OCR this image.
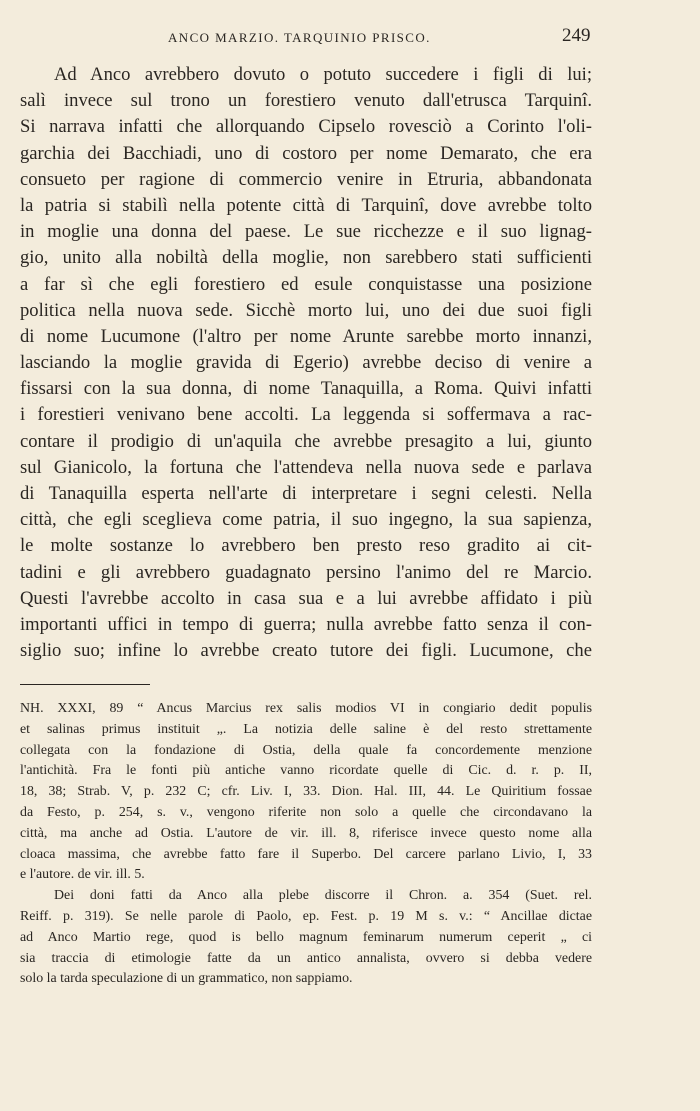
ANCO MARZIO. TARQUINIO PRISCO.	249
Ad Anco avrebbero dovuto o potuto succedere i figli di lui;
salì invece sul trono un forestiero venuto dall'etrusca Tarquinî.
Si narrava infatti che allorquando Cipselo rovesciò a Corinto l'oli-
garchia dei Bacchiadi, uno di costoro per nome Demarato, che era
consueto per ragione di commercio venire in Etruria, abbandonata
la patria si stabilì nella potente città di Tarquinî, dove avrebbe tolto
in moglie una donna del paese. Le sue ricchezze e il suo lignag-
gio, unito alla nobiltà della moglie, non sarebbero stati sufficienti
a far sì che egli forestiero ed esule conquistasse una posizione
politica nella nuova sede. Sicchè morto lui, uno dei due suoi figli
di nome Lucumone (l'altro per nome Arunte sarebbe morto innanzi,
lasciando la moglie gravida di Egerio) avrebbe deciso di venire a
fissarsi con la sua donna, di nome Tanaquilla, a Roma. Quivi infatti
i forestieri venivano bene accolti. La leggenda si soffermava a rac-
contare il prodigio di un'aquila che avrebbe presagito a lui, giunto
sul Gianicolo, la fortuna che l'attendeva nella nuova sede e parlava
di Tanaquilla esperta nell'arte di interpretare i segni celesti. Nella
città, che egli sceglieva come patria, il suo ingegno, la sua sapienza,
le molte sostanze lo avrebbero ben presto reso gradito ai cit-
tadini e gli avrebbero guadagnato persino l'animo del re Marcio.
Questi l'avrebbe accolto in casa sua e a lui avrebbe affidato i più
importanti uffici in tempo di guerra; nulla avrebbe fatto senza il con-
siglio suo; infine lo avrebbe creato tutore dei figli. Lucumone, che
NH. XXXI, 89 “ Ancus Marcius rex salis modios VI in congiario dedit populis
et salinas primus instituit „. La notizia delle saline è del resto strettamente
collegata con la fondazione di Ostia, della quale fa concordemente menzione
l'antichità. Fra le fonti più antiche vanno ricordate quelle di Cic. d. r. p. II,
18, 38; Strab. V, p. 232 C; cfr. Liv. I, 33. Dion. Hal. III, 44. Le Quiritium fossae
da Festo, p. 254, s. v., vengono riferite non solo a quelle che circondavano la
città, ma anche ad Ostia. L'autore de vir. ill. 8, riferisce invece questo nome alla
cloaca massima, che avrebbe fatto fare il Superbo. Del carcere parlano Livio, I, 33
e l'autore. de vir. ill. 5.
Dei doni fatti da Anco alla plebe discorre il Chron. a. 354 (Suet. rel.
Reiff. p. 319). Se nelle parole di Paolo, ep. Fest. p. 19 M s. v.: “ Ancillae dictae
ad Anco Martio rege, quod is bello magnum feminarum numerum ceperit „ ci
sia traccia di etimologie fatte da un antico annalista, ovvero si debba vedere
solo la tarda speculazione di un grammatico, non sappiamo.
